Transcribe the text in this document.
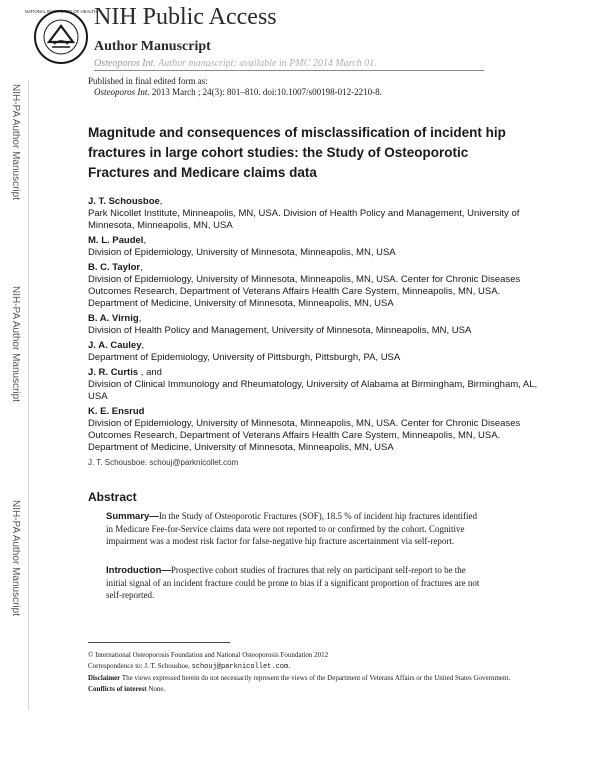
NATIONAL INSTITUTES OF HEALTH
NIH Public Access
Author Manuscript
Osteoporos Int. Author manuscript; available in PMC 2014 March 01.
Published in final edited form as:
Osteoporos Int. 2013 March ; 24(3): 801–810. doi:10.1007/s00198-012-2210-8.
NIH-PA Author Manuscript
NIH-PA Author Manuscript
NIH-PA Author Manuscript
Magnitude and consequences of misclassification of incident hip fractures in large cohort studies: the Study of Osteoporotic Fractures and Medicare claims data
J. T. Schousboe,
Park Nicollet Institute, Minneapolis, MN, USA. Division of Health Policy and Management, University of Minnesota, Minneapolis, MN, USA
M. L. Paudel,
Division of Epidemiology, University of Minnesota, Minneapolis, MN, USA
B. C. Taylor,
Division of Epidemiology, University of Minnesota, Minneapolis, MN, USA. Center for Chronic Diseases Outcomes Research, Department of Veterans Affairs Health Care System, Minneapolis, MN, USA. Department of Medicine, University of Minnesota, Minneapolis, MN, USA
B. A. Virnig,
Division of Health Policy and Management, University of Minnesota, Minneapolis, MN, USA
J. A. Cauley,
Department of Epidemiology, University of Pittsburgh, Pittsburgh, PA, USA
J. R. Curtis , and
Division of Clinical Immunology and Rheumatology, University of Alabama at Birmingham, Birmingham, AL, USA
K. E. Ensrud
Division of Epidemiology, University of Minnesota, Minneapolis, MN, USA. Center for Chronic Diseases Outcomes Research, Department of Veterans Affairs Health Care System, Minneapolis, MN, USA. Department of Medicine, University of Minnesota, Minneapolis, MN, USA
J. T. Schousboe: schouj@parknicollet.com
Abstract
Summary—In the Study of Osteoporotic Fractures (SOF), 18.5 % of incident hip fractures identified in Medicare Fee-for-Service claims data were not reported to or confirmed by the cohort. Cognitive impairment was a modest risk factor for false-negative hip fracture ascertainment via self-report.
Introduction—Prospective cohort studies of fractures that rely on participant self-report to be the initial signal of an incident fracture could be prone to bias if a significant proportion of fractures are not self-reported.

© International Osteoporosis Foundation and National Osteoporosis Foundation 2012

Correspondence to: J. T. Schousboe, schouj@parknicollet.com.

Disclaimer The views expressed herein do not necessarily represent the views of the Department of Veterans Affairs or the United States Government.

Conflicts of interest None.
